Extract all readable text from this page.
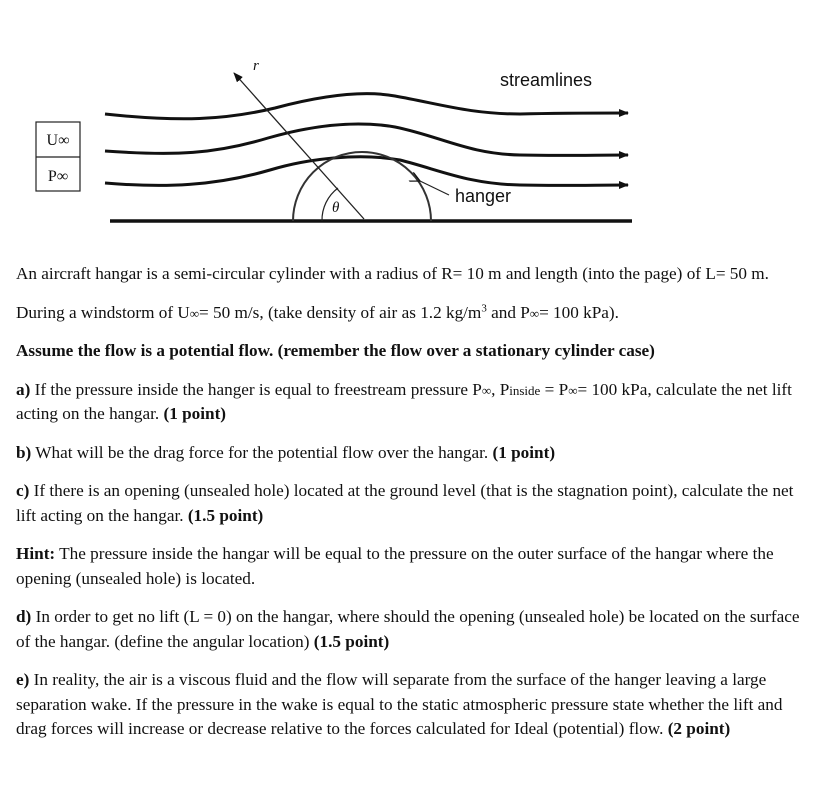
U∞
P∞
r
θ
hanger
streamlines

An aircraft hangar is a semi-circular cylinder with a radius of R= 10 m and length (into the page) of L= 50 m.

During a windstorm of U∞= 50 m/s, (take density of air as 1.2 $kg/m^3$ and P∞= 100 kPa).

Assume the flow is a potential flow. (remember the flow over a stationary cylinder case)

a) If the pressure inside the hanger is equal to freestream pressure P∞, Pinside = P∞= 100 kPa, calculate the net lift acting on the hangar. (1 point)

b) What will be the drag force for the potential flow over the hangar. (1 point)

c) If there is an opening (unsealed hole) located at the ground level (that is the stagnation point), calculate the net lift acting on the hangar. (1.5 point)

Hint: The pressure inside the hangar will be equal to the pressure on the outer surface of the hangar where the opening (unsealed hole) is located.

d) In order to get no lift (L = 0) on the hangar, where should the opening (unsealed hole) be located on the surface of the hangar. (define the angular location) (1.5 point)

e) In reality, the air is a viscous fluid and the flow will separate from the surface of the hanger leaving a large separation wake. If the pressure in the wake is equal to the static atmospheric pressure state whether the lift and drag forces will increase or decrease relative to the forces calculated for Ideal (potential) flow. (2 point)
